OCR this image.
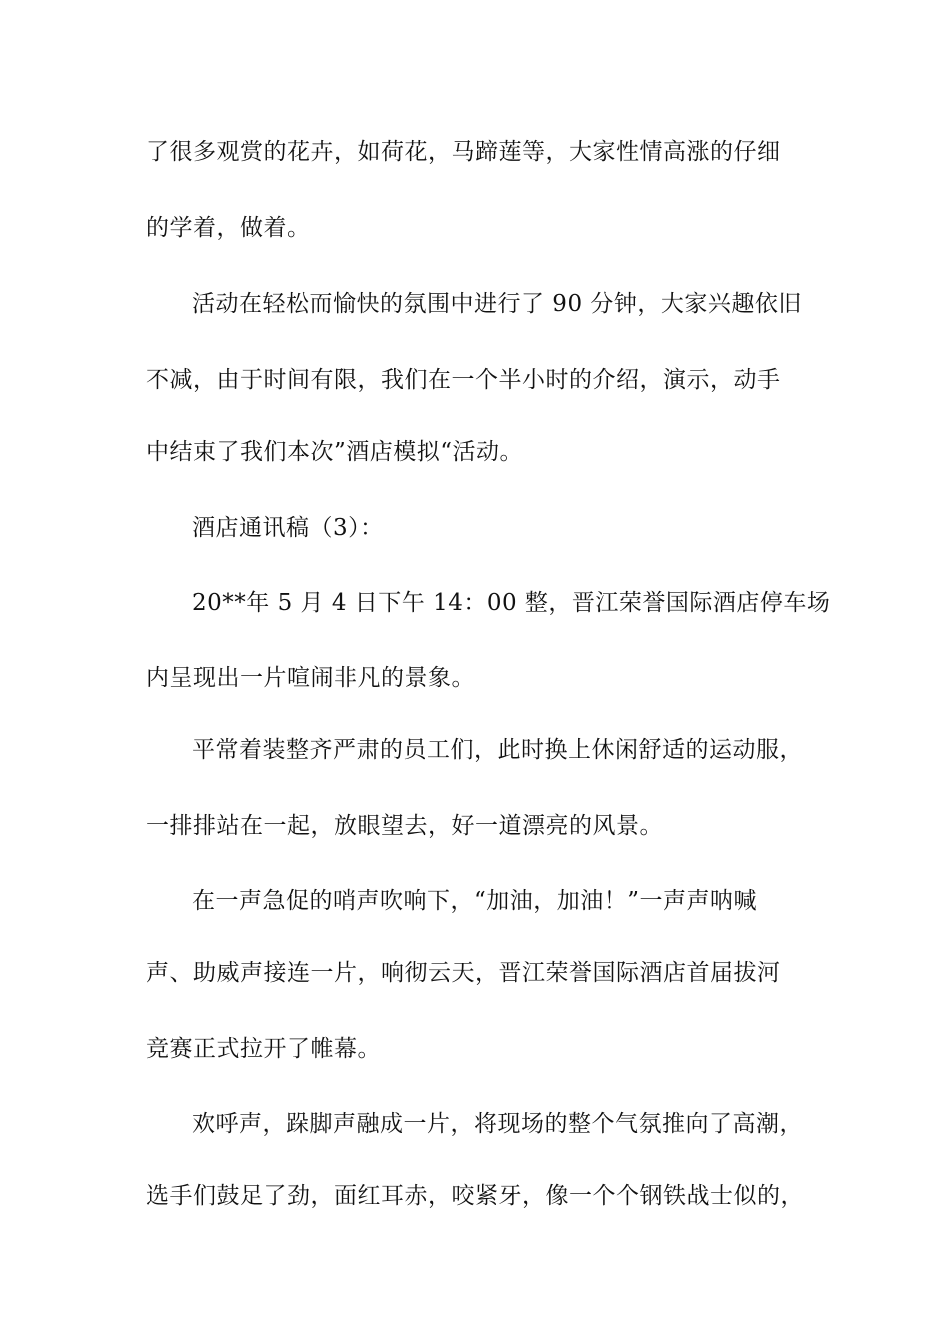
了很多观赏的花卉，如荷花，马蹄莲等，大家性情高涨的仔细
的学着，做着。
活动在轻松而愉快的氛围中进行了 90 分钟，大家兴趣依旧
不减，由于时间有限，我们在一个半小时的介绍，演示，动手
中结束了我们本次”酒店模拟“活动。
酒店通讯稿（3）：
20**年 5 月 4 日下午 14：00 整，晋江荣誉国际酒店停车场
内呈现出一片喧闹非凡的景象。
平常着装整齐严肃的员工们，此时换上休闲舒适的运动服，
一排排站在一起，放眼望去，好一道漂亮的风景。
在一声急促的哨声吹响下，“加油，加油！”一声声呐喊
声、助威声接连一片，响彻云天，晋江荣誉国际酒店首届拔河
竞赛正式拉开了帷幕。
欢呼声，跺脚声融成一片，将现场的整个气氛推向了高潮，
选手们鼓足了劲，面红耳赤，咬紧牙，像一个个钢铁战士似的，
